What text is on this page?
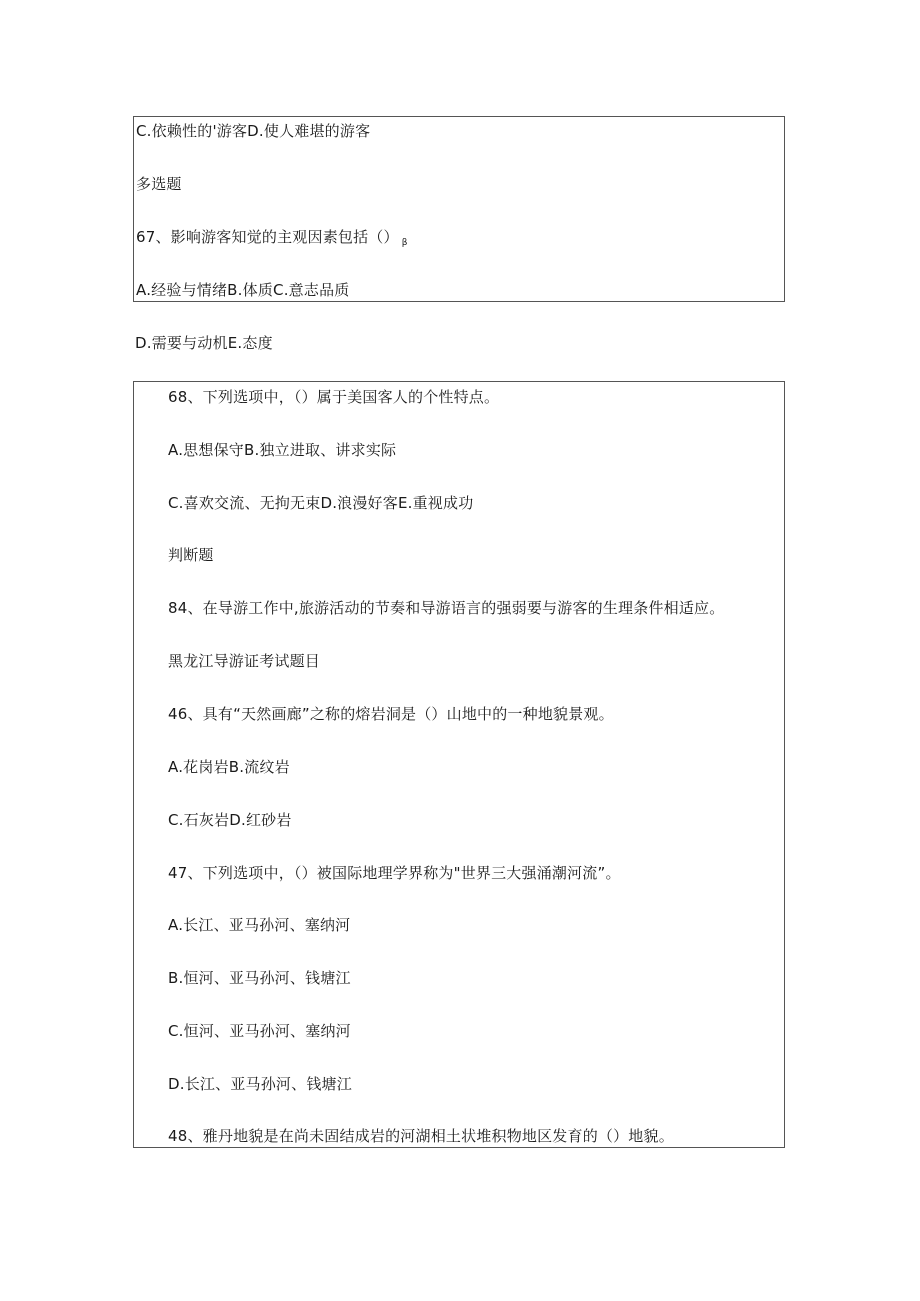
C.依赖性的'游客D.使人难堪的游客
多选题
67、影响游客知觉的主观因素包括（） $_\beta$
A.经验与情绪B.体质C.意志品质
D.需要与动机E.态度
68、下列选项中，（）属于美国客人的个性特点。
A.思想保守B.独立进取、讲求实际
C.喜欢交流、无拘无束D.浪漫好客E.重视成功
判断题
84、在导游工作中,旅游活动的节奏和导游语言的强弱要与游客的生理条件相适应。
黑龙江导游证考试题目
46、具有“天然画廊”之称的熔岩洞是（）山地中的一种地貌景观。
A.花岗岩B.流纹岩
C.石灰岩D.红砂岩
47、下列选项中，（）被国际地理学界称为"世界三大强涌潮河流”。
A.长江、亚马孙河、塞纳河
B.恒河、亚马孙河、钱塘江
C.恒河、亚马孙河、塞纳河
D.长江、亚马孙河、钱塘江
48、雅丹地貌是在尚未固结成岩的河湖相土状堆积物地区发育的（）地貌。
